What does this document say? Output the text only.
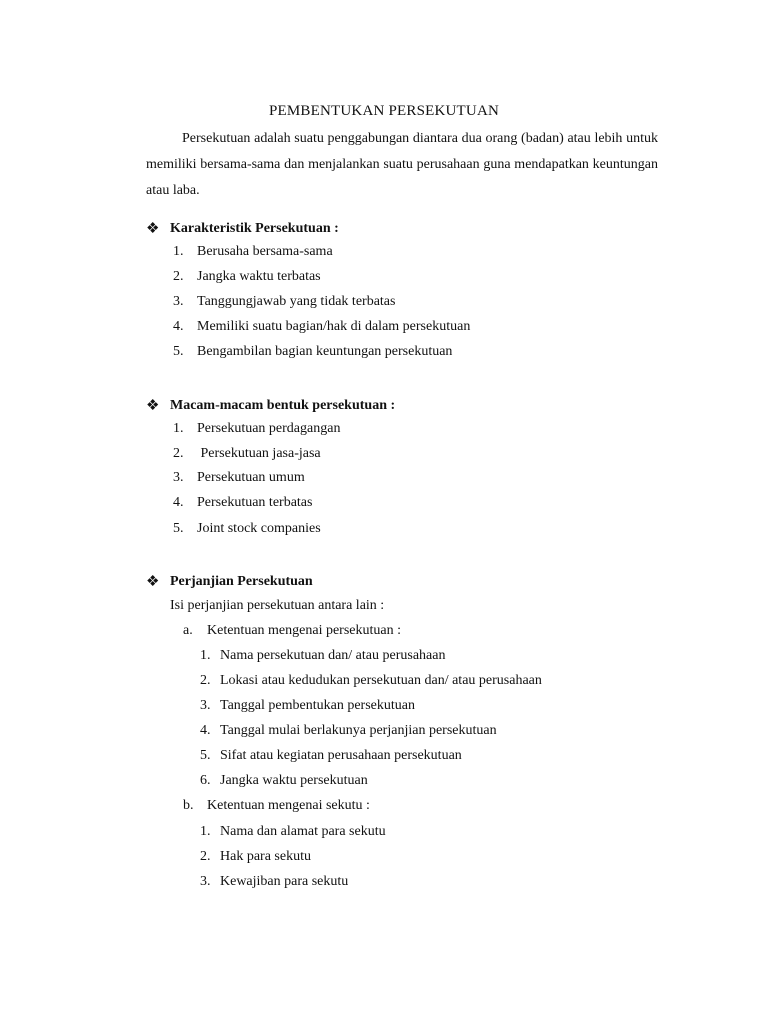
PEMBENTUKAN PERSEKUTUAN

Persekutuan adalah suatu penggabungan diantara dua orang (badan) atau lebih untuk memiliki bersama-sama dan menjalankan suatu perusahaan guna mendapatkan keuntungan atau laba.

❖ Karakteristik Persekutuan :
1. Berusaha bersama-sama
2. Jangka waktu terbatas
3. Tanggungjawab yang tidak terbatas
4. Memiliki suatu bagian/hak di dalam persekutuan
5. Bengambilan bagian keuntungan persekutuan
❖ Macam-macam bentuk persekutuan :
1. Persekutuan perdagangan
2. Persekutuan jasa-jasa
3. Persekutuan umum
4. Persekutuan terbatas
5. Joint stock companies
❖ Perjanjian Persekutuan
Isi perjanjian persekutuan antara lain :
a.	Ketentuan mengenai persekutuan :
1. Nama persekutuan dan/ atau perusahaan
2. Lokasi atau kedudukan persekutuan dan/ atau perusahaan
3. Tanggal pembentukan persekutuan
4. Tanggal mulai berlakunya perjanjian persekutuan
5. Sifat atau kegiatan perusahaan persekutuan
6. Jangka waktu persekutuan
b. Ketentuan mengenai sekutu :
1. Nama dan alamat para sekutu
2. Hak para sekutu
3. Kewajiban para sekutu
